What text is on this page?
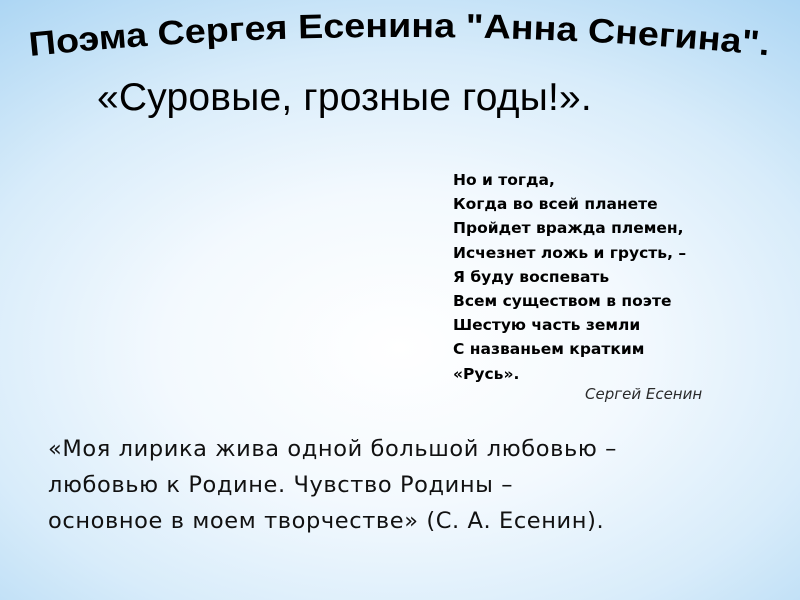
Поэма Сергея Есенина "Анна Снегина".
«Суровые, грозные годы!».
Но и тогда,
Когда во всей планете
Пройдет вражда племен,
Исчезнет ложь и грусть, –
Я буду воспевать
Всем существом в поэте
Шестую часть земли
С названьем кратким
«Русь».
Сергей Есенин
«Моя лирика жива одной большой любовью –
любовью к Родине. Чувство Родины –
основное в моем творчестве» (С. А. Есенин).
